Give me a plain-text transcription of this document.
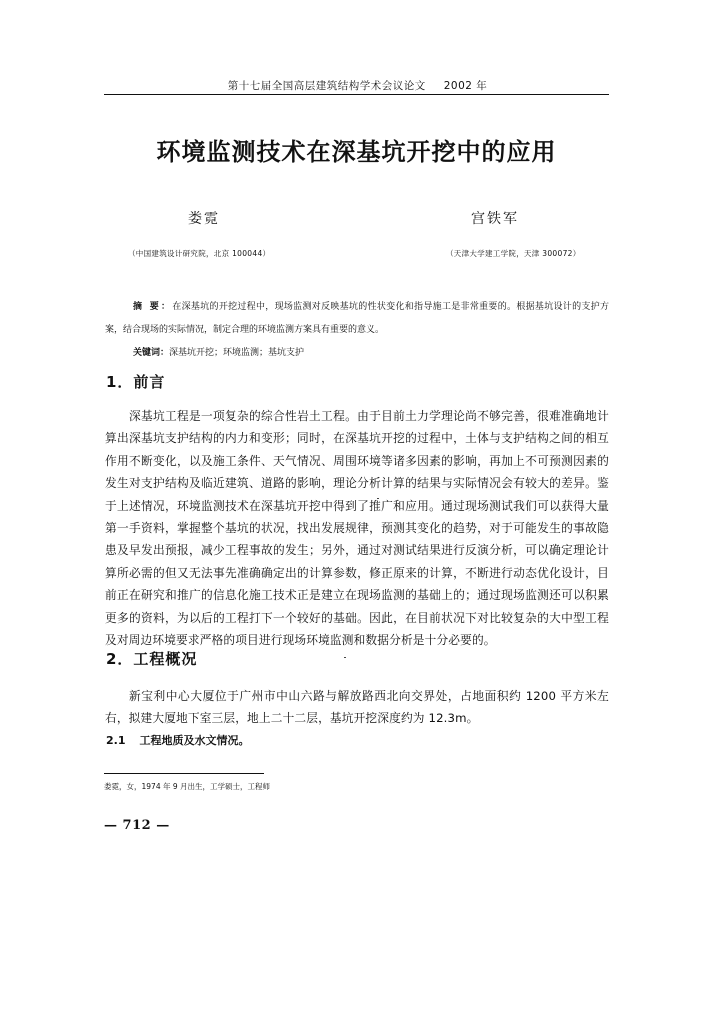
第十七届全国高层建筑结构学术会议论文 2002 年
环境监测技术在深基坑开挖中的应用
娄霓	宫铁军
（中国建筑设计研究院，北京 100044）	（天津大学建工学院，天津 300072）
摘 要：在深基坑的开挖过程中，现场监测对反映基坑的性状变化和指导施工是非常重要的。根据基坑设计的支护方案，结合现场的实际情况，制定合理的环境监测方案具有重要的意义。
关键词：深基坑开挖；环境监测；基坑支护
1．前言
深基坑工程是一项复杂的综合性岩土工程。由于目前土力学理论尚不够完善，很难准确地计算出深基坑支护结构的内力和变形；同时，在深基坑开挖的过程中，土体与支护结构之间的相互作用不断变化，以及施工条件、天气情况、周围环境等诸多因素的影响，再加上不可预测因素的发生对支护结构及临近建筑、道路的影响，理论分析计算的结果与实际情况会有较大的差异。鉴于上述情况，环境监测技术在深基坑开挖中得到了推广和应用。通过现场测试我们可以获得大量第一手资料，掌握整个基坑的状况，找出发展规律，预测其变化的趋势，对于可能发生的事故隐患及早发出预报，减少工程事故的发生；另外，通过对测试结果进行反演分析，可以确定理论计算所必需的但又无法事先准确确定出的计算参数，修正原来的计算，不断进行动态优化设计，目前正在研究和推广的信息化施工技术正是建立在现场监测的基础上的；通过现场监测还可以积累更多的资料，为以后的工程打下一个较好的基础。因此，在目前状况下对比较复杂的大中型工程及对周边环境要求严格的项目进行现场环境监测和数据分析是十分必要的。
2．工程概况
新宝利中心大厦位于广州市中山六路与解放路西北向交界处，占地面积约 1200 平方米左右，拟建大厦地下室三层，地上二十二层，基坑开挖深度约为 12.3m。
2.1 工程地质及水文情况。
娄霓，女，1974 年 9 月出生，工学硕士，工程师
— 712 —
